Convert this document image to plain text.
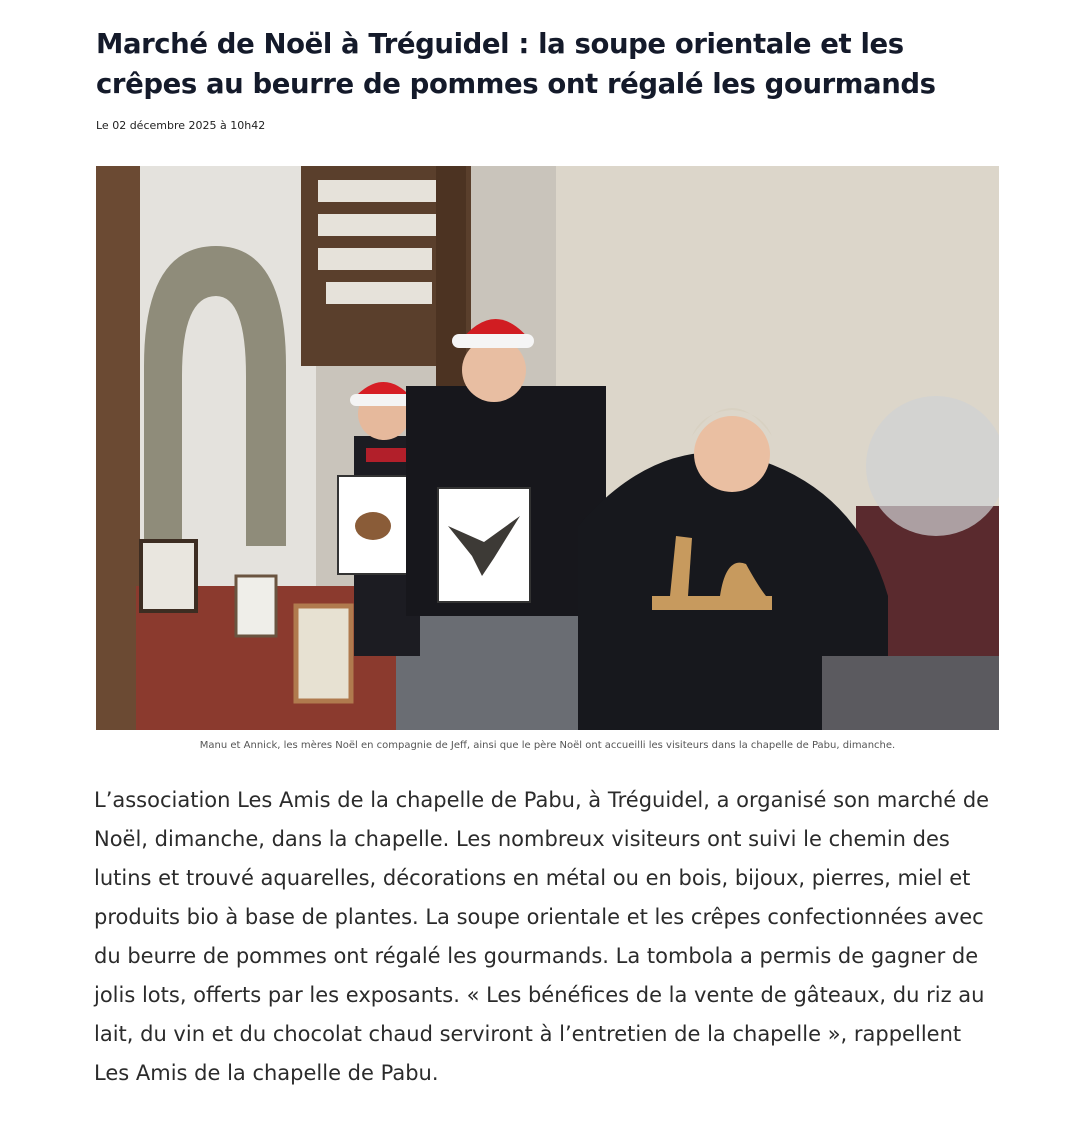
Marché de Noël à Tréguidel : la soupe orientale et les crêpes au beurre de pommes ont régalé les gourmands
Le 02 décembre 2025 à 10h42
Manu et Annick, les mères Noël en compagnie de Jeff, ainsi que le père Noël ont accueilli les visiteurs dans la chapelle de Pabu, dimanche.

L’association Les Amis de la chapelle de Pabu, à Tréguidel, a organisé son marché de Noël, dimanche, dans la chapelle. Les nombreux visiteurs ont suivi le chemin des lutins et trouvé aquarelles, décorations en métal ou en bois, bijoux, pierres, miel et produits bio à base de plantes. La soupe orientale et les crêpes confectionnées avec du beurre de pommes ont régalé les gourmands. La tombola a permis de gagner de jolis lots, offerts par les exposants. « Les bénéfices de la vente de gâteaux, du riz au lait, du vin et du chocolat chaud serviront à l’entretien de la chapelle », rappellent Les Amis de la chapelle de Pabu.
